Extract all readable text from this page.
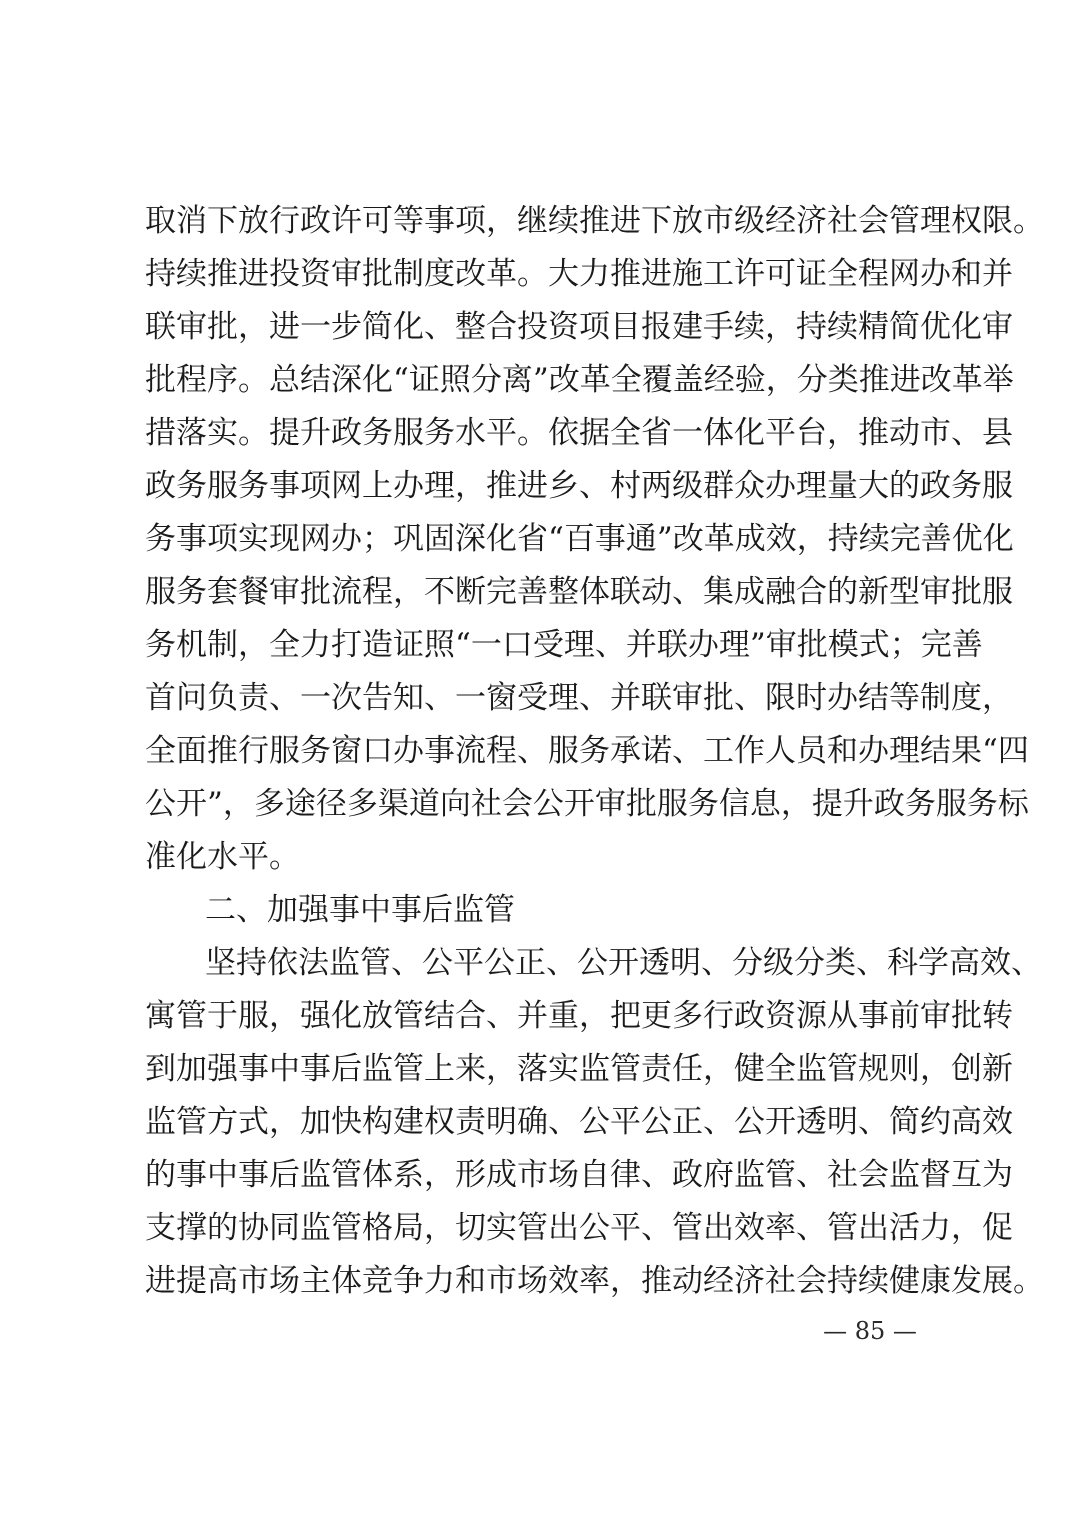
取消下放行政许可等事项，继续推进下放市级经济社会管理权限。
持续推进投资审批制度改革。大力推进施工许可证全程网办和并
联审批，进一步简化、整合投资项目报建手续，持续精简优化审
批程序。总结深化“证照分离”改革全覆盖经验，分类推进改革举
措落实。提升政务服务水平。依据全省一体化平台，推动市、县
政务服务事项网上办理，推进乡、村两级群众办理量大的政务服
务事项实现网办；巩固深化省“百事通”改革成效，持续完善优化
服务套餐审批流程，不断完善整体联动、集成融合的新型审批服
务机制，全力打造证照“一口受理、并联办理”审批模式；完善
首问负责、一次告知、一窗受理、并联审批、限时办结等制度，
全面推行服务窗口办事流程、服务承诺、工作人员和办理结果“四
公开”，多途径多渠道向社会公开审批服务信息，提升政务服务标
准化水平。
二、加强事中事后监管
坚持依法监管、公平公正、公开透明、分级分类、科学高效、
寓管于服，强化放管结合、并重，把更多行政资源从事前审批转
到加强事中事后监管上来，落实监管责任，健全监管规则，创新
监管方式，加快构建权责明确、公平公正、公开透明、简约高效
的事中事后监管体系，形成市场自律、政府监管、社会监督互为
支撑的协同监管格局，切实管出公平、管出效率、管出活力，促
进提高市场主体竞争力和市场效率，推动经济社会持续健康发展。
— 85 —
